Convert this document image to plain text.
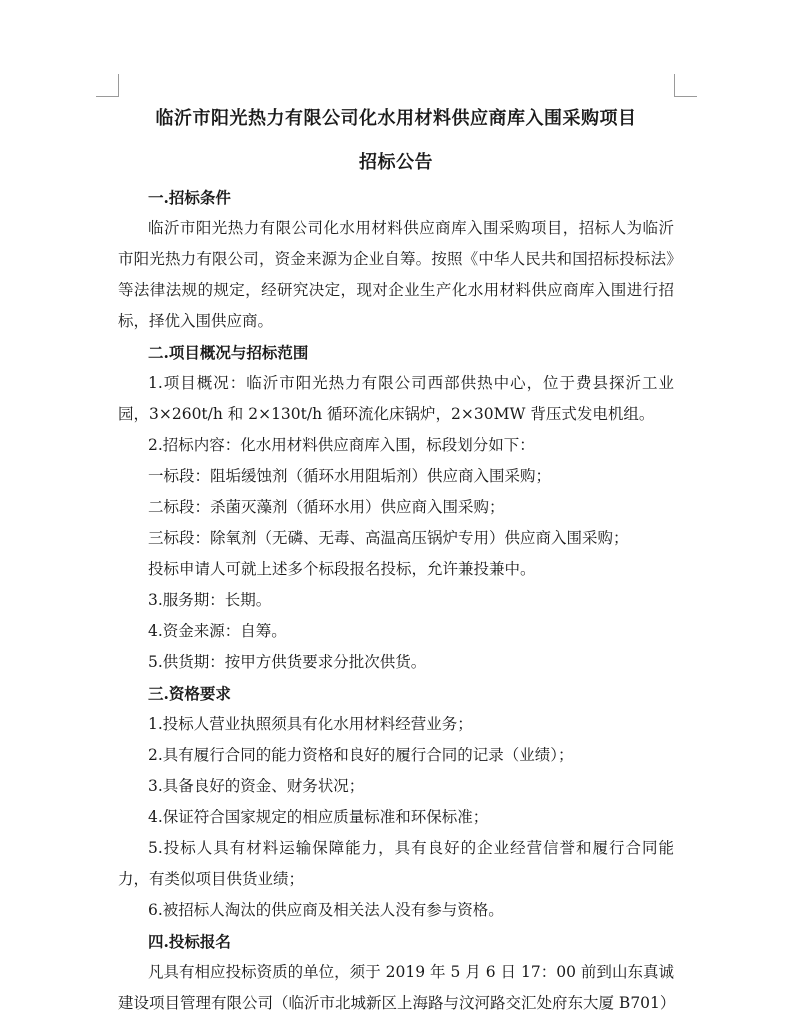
临沂市阳光热力有限公司化水用材料供应商库入围采购项目
招标公告

一.招标条件

临沂市阳光热力有限公司化水用材料供应商库入围采购项目，招标人为临沂市阳光热力有限公司，资金来源为企业自筹。按照《中华人民共和国招标投标法》等法律法规的规定，经研究决定，现对企业生产化水用材料供应商库入围进行招标，择优入围供应商。

二.项目概况与招标范围

1.项目概况：临沂市阳光热力有限公司西部供热中心，位于费县探沂工业园，3×260t/h 和 2×130t/h 循环流化床锅炉，2×30MW 背压式发电机组。

2.招标内容：化水用材料供应商库入围，标段划分如下：

一标段：阻垢缓蚀剂（循环水用阻垢剂）供应商入围采购；

二标段：杀菌灭藻剂（循环水用）供应商入围采购；

三标段：除氧剂（无磷、无毒、高温高压锅炉专用）供应商入围采购；

投标申请人可就上述多个标段报名投标，允许兼投兼中。

3.服务期：长期。

4.资金来源：自筹。

5.供货期：按甲方供货要求分批次供货。

三.资格要求

1.投标人营业执照须具有化水用材料经营业务；

2.具有履行合同的能力资格和良好的履行合同的记录（业绩）；

3.具备良好的资金、财务状况；

4.保证符合国家规定的相应质量标准和环保标准；

5.投标人具有材料运输保障能力，具有良好的企业经营信誉和履行合同能力，有类似项目供货业绩；

6.被招标人淘汰的供应商及相关法人没有参与资格。

四.投标报名

凡具有相应投标资质的单位，须于 2019 年 5 月 6 日 17：00 前到山东真诚建设项目管理有限公司（临沂市北城新区上海路与汶河路交汇处府东大厦 B701）
